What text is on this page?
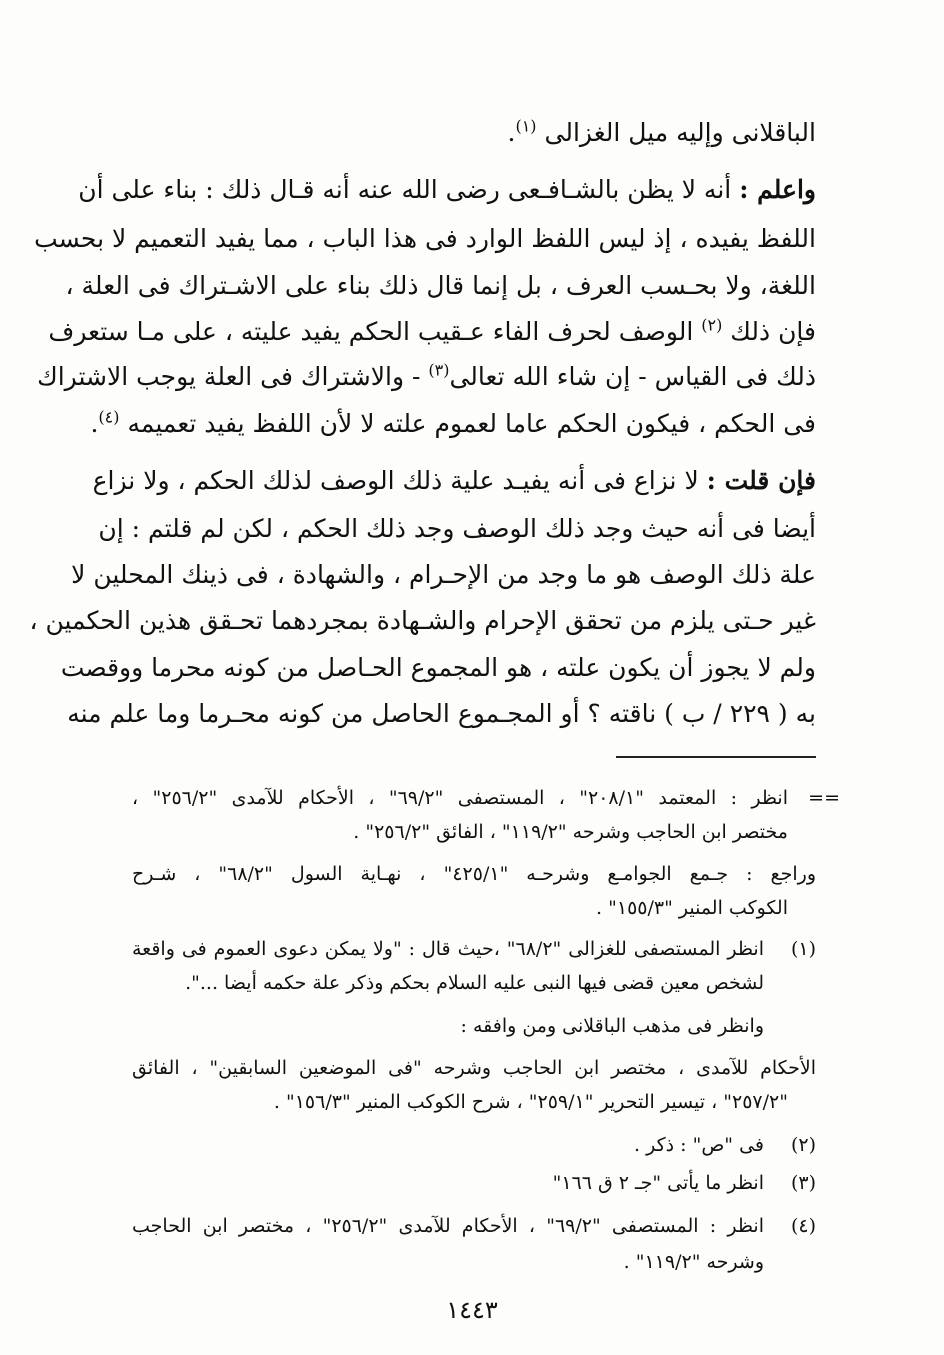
الباقلانى وإليه ميل الغزالى $^{(١)}$.
واعلم : أنه لا يظن بالشـافـعى رضى الله عنه أنه قـال ذلك : بناء على أن
اللفظ يفيده ، إذ ليس اللفظ الوارد فى هذا الباب ، مما يفيد التعميم لا بحسب
اللغة، ولا بحـسب العرف ، بل إنما قال ذلك بناء على الاشـتراك فى العلة ،
فإن ذلك $^{(٢)}$ الوصف لحرف الفاء عـقيب الحكم يفيد عليته ، على مـا ستعرف
ذلك فى القياس - إن شاء الله تعالى$^{(٣)}$ - والاشتراك فى العلة يوجب الاشتراك
فى الحكم ، فيكون الحكم عاما لعموم علته لا لأن اللفظ يفيد تعميمه $^{(٤)}$.
فإن قلت : لا نزاع فى أنه يفيـد علية ذلك الوصف لذلك الحكم ، ولا نزاع
أيضا فى أنه حيث وجد ذلك الوصف وجد ذلك الحكم ، لكن لم قلتم : إن
علة ذلك الوصف هو ما وجد من الإحـرام ، والشهادة ، فى ذينك المحلين لا
غير حـتى يلزم من تحقق الإحرام والشـهادة بمجردهما تحـقق هذين الحكمين ،
ولم لا يجوز أن يكون علته ، هو المجموع الحـاصل من كونه محرما ووقصت
به ( ٢٢٩ / ب ) ناقته ؟ أو المجـموع الحاصل من كونه محـرما وما علم منه
==
انظر : المعتمد "٢٠٨/١" ، المستصفى "٦٩/٢" ، الأحكام للآمدى "٢٥٦/٢" ،
مختصر ابن الحاجب وشرحه "١١٩/٢" ، الفائق "٢٥٦/٢" .
وراجع : جـمع الجوامـع وشرحـه "٤٢٥/١" ، نهـاية السول "٦٨/٢" ، شـرح
الكوكب المنير "١٥٥/٣" .
(١)
انظر المستصفى للغزالى "٦٨/٢" ،حيث قال : "ولا يمكن دعوى العموم فى واقعة
لشخص معين قضى فيها النبى عليه السلام بحكم وذكر علة حكمه أيضا ...".
وانظر فى مذهب الباقلانى ومن وافقه :
الأحكام للآمدى ، مختصر ابن الحاجب وشرحه "فى الموضعين السابقين" ، الفائق
"٢٥٧/٢" ، تيسير التحرير "٢٥٩/١" ، شرح الكوكب المنير "١٥٦/٣" .
(٢)
فى "ص" : ذكر .
(٣)
انظر ما يأتى "جـ ٢ ق ١٦٦"
(٤)
انظر : المستصفى "٦٩/٢" ، الأحكام للآمدى "٢٥٦/٢" ، مختصر ابن الحاجب
وشرحه "١١٩/٢" .
١٤٤٣
